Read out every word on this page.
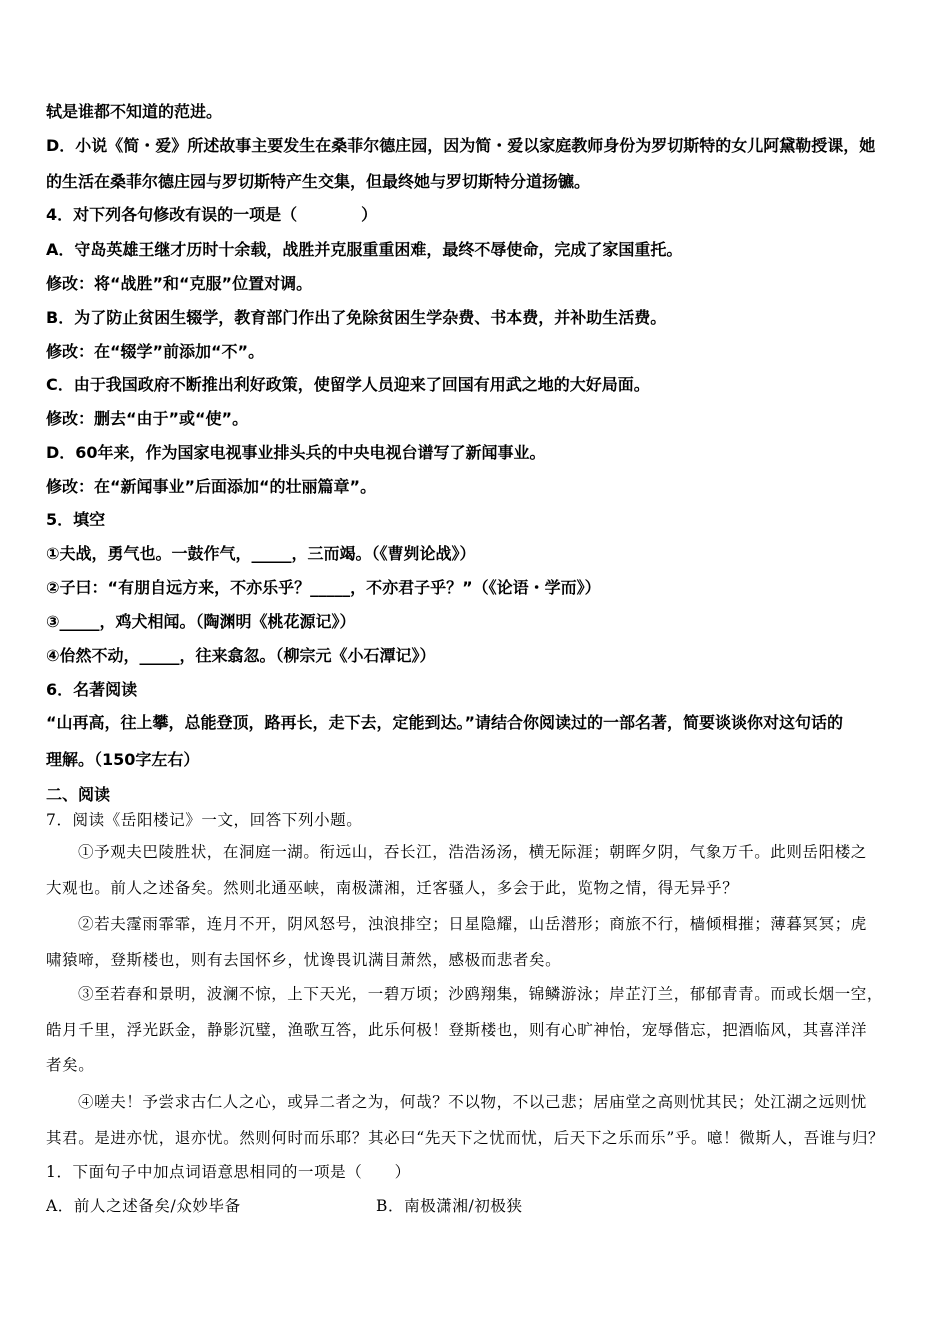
轼是谁都不知道的范进。
D．小说《简・爱》所述故事主要发生在桑菲尔德庄园，因为简・爱以家庭教师身份为罗切斯特的女儿阿黛勒授课，她
的生活在桑菲尔德庄园与罗切斯特产生交集，但最终她与罗切斯特分道扬镳。
4．对下列各句修改有误的一项是（　　　　）
A．守岛英雄王继才历时十余载，战胜并克服重重困难，最终不辱使命，完成了家国重托。
修改：将“战胜”和“克服”位置对调。
B．为了防止贫困生辍学，教育部门作出了免除贫困生学杂费、书本费，并补助生活费。
修改：在“辍学”前添加“不”。
C．由于我国政府不断推出利好政策，使留学人员迎来了回国有用武之地的大好局面。
修改：删去“由于”或“使”。
D．60年来，作为国家电视事业排头兵的中央电视台谱写了新闻事业。
修改：在“新闻事业”后面添加“的壮丽篇章”。
5．填空
①夫战，勇气也。一鼓作气，_____，三而竭。（《曹刿论战》）
②子曰：“有朋自远方来，不亦乐乎？_____，不亦君子乎？”（《论语・学而》）
③_____，鸡犬相闻。（陶渊明《桃花源记》）
④佁然不动，_____，往来翕忽。（柳宗元《小石潭记》）
6．名著阅读
“山再高，往上攀，总能登顶，路再长，走下去，定能到达。”请结合你阅读过的一部名著，简要谈谈你对这句话的
理解。（150字左右）
二、阅读
7．阅读《岳阳楼记》一文，回答下列小题。
①予观夫巴陵胜状，在洞庭一湖。衔远山，吞长江，浩浩汤汤，横无际涯；朝晖夕阴，气象万千。此则岳阳楼之
大观也。前人之述备矣。然则北通巫峡，南极潇湘，迁客骚人，多会于此，览物之情，得无异乎？
②若夫霪雨霏霏，连月不开，阴风怒号，浊浪排空；日星隐耀，山岳潜形；商旅不行，樯倾楫摧；薄暮冥冥；虎
啸猿啼，登斯楼也，则有去国怀乡，忧谗畏讥满目萧然，感极而悲者矣。
③至若春和景明，波澜不惊，上下天光，一碧万顷；沙鸥翔集，锦鳞游泳；岸芷汀兰，郁郁青青。而或长烟一空，
皓月千里，浮光跃金，静影沉璧，渔歌互答，此乐何极！登斯楼也，则有心旷神怡，宠辱偕忘，把酒临风，其喜洋洋
者矣。
④嗟夫！予尝求古仁人之心，或异二者之为，何哉？不以物，不以己悲；居庙堂之高则忧其民；处江湖之远则忧
其君。是进亦忧，退亦忧。然则何时而乐耶？其必曰“先天下之忧而忧，后天下之乐而乐”乎。噫！微斯人，吾谁与归？
1．下面句子中加点词语意思相同的一项是（　　）
A．前人之述备矣/众妙毕备	B．南极潇湘/初极狭
